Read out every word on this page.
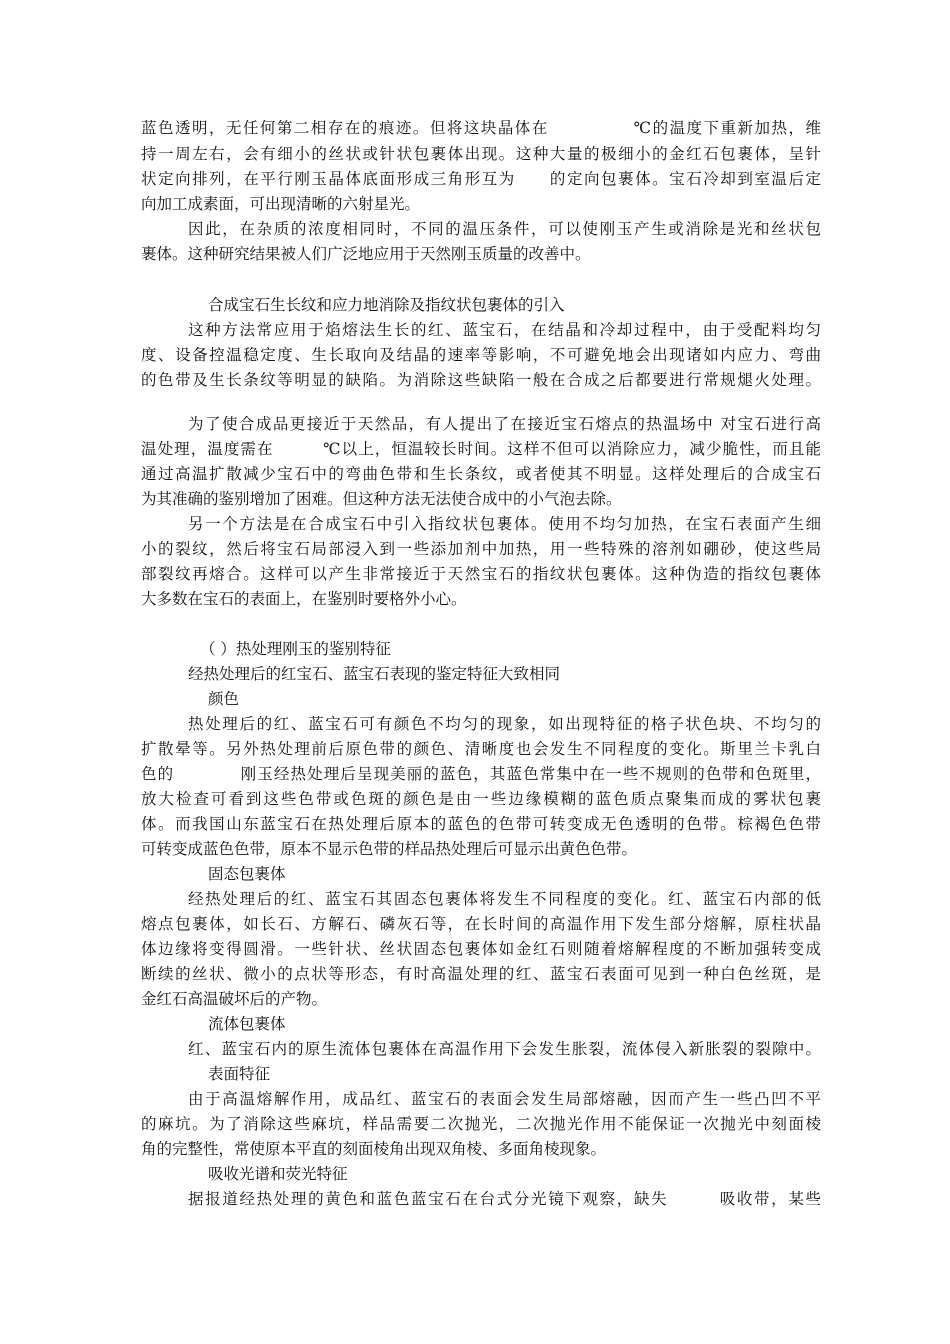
蓝色透明，无任何第二相存在的痕迹。但将这块晶体在　　　　　℃的温度下重新加热，维
持一周左右，会有细小的丝状或针状包裹体出现。这种大量的极细小的金红石包裹体，呈针
状定向排列，在平行刚玉晶体底面形成三角形互为　　的定向包裹体。宝石冷却到室温后定
向加工成素面，可出现清晰的六射星光。
因此，在杂质的浓度相同时，不同的温压条件，可以使刚玉产生或消除是光和丝状包
裹体。这种研究结果被人们广泛地应用于天然刚玉质量的改善中。
合成宝石生长纹和应力地消除及指纹状包裹体的引入
这种方法常应用于焰熔法生长的红、蓝宝石，在结晶和冷却过程中，由于受配料均匀
度、设备控温稳定度、生长取向及结晶的速率等影响，不可避免地会出现诸如内应力、弯曲
的色带及生长条纹等明显的缺陷。为消除这些缺陷一般在合成之后都要进行常规煺火处理。
为了使合成品更接近于天然品，有人提出了在接近宝石熔点的热温场中 对宝石进行高
温处理，温度需在　　　℃以上，恒温较长时间。这样不但可以消除应力，减少脆性，而且能
通过高温扩散减少宝石中的弯曲色带和生长条纹，或者使其不明显。这样处理后的合成宝石
为其准确的鉴别增加了困难。但这种方法无法使合成中的小气泡去除。
另一个方法是在合成宝石中引入指纹状包裹体。使用不均匀加热，在宝石表面产生细
小的裂纹，然后将宝石局部浸入到一些添加剂中加热，用一些特殊的溶剂如硼砂，使这些局
部裂纹再熔合。这样可以产生非常接近于天然宝石的指纹状包裹体。这种伪造的指纹包裹体
大多数在宝石的表面上，在鉴别时要格外小心。
（ ）热处理刚玉的鉴别特征
经热处理后的红宝石、蓝宝石表现的鉴定特征大致相同
颜色
热处理后的红、蓝宝石可有颜色不均匀的现象，如出现特征的格子状色块、不均匀的
扩散晕等。另外热处理前后原色带的颜色、清晰度也会发生不同程度的变化。斯里兰卡乳白
色的　　　　刚玉经热处理后呈现美丽的蓝色，其蓝色常集中在一些不规则的色带和色斑里，
放大检查可看到这些色带或色斑的颜色是由一些边缘模糊的蓝色质点聚集而成的雾状包裹
体。而我国山东蓝宝石在热处理后原本的蓝色的色带可转变成无色透明的色带。棕褐色色带
可转变成蓝色色带，原本不显示色带的样品热处理后可显示出黄色色带。
固态包裹体
经热处理后的红、蓝宝石其固态包裹体将发生不同程度的变化。红、蓝宝石内部的低
熔点包裹体，如长石、方解石、磷灰石等，在长时间的高温作用下发生部分熔解，原柱状晶
体边缘将变得圆滑。一些针状、丝状固态包裹体如金红石则随着熔解程度的不断加强转变成
断续的丝状、微小的点状等形态，有时高温处理的红、蓝宝石表面可见到一种白色丝斑，是
金红石高温破坏后的产物。
流体包裹体
红、蓝宝石内的原生流体包裹体在高温作用下会发生胀裂，流体侵入新胀裂的裂隙中。
表面特征
由于高温熔解作用，成品红、蓝宝石的表面会发生局部熔融，因而产生一些凸凹不平
的麻坑。为了消除这些麻坑，样品需要二次抛光，二次抛光作用不能保证一次抛光中刻面棱
角的完整性，常使原本平直的刻面棱角出现双角棱、多面角棱现象。
吸收光谱和荧光特征
据报道经热处理的黄色和蓝色蓝宝石在台式分光镜下观察，缺失　　　吸收带，某些
